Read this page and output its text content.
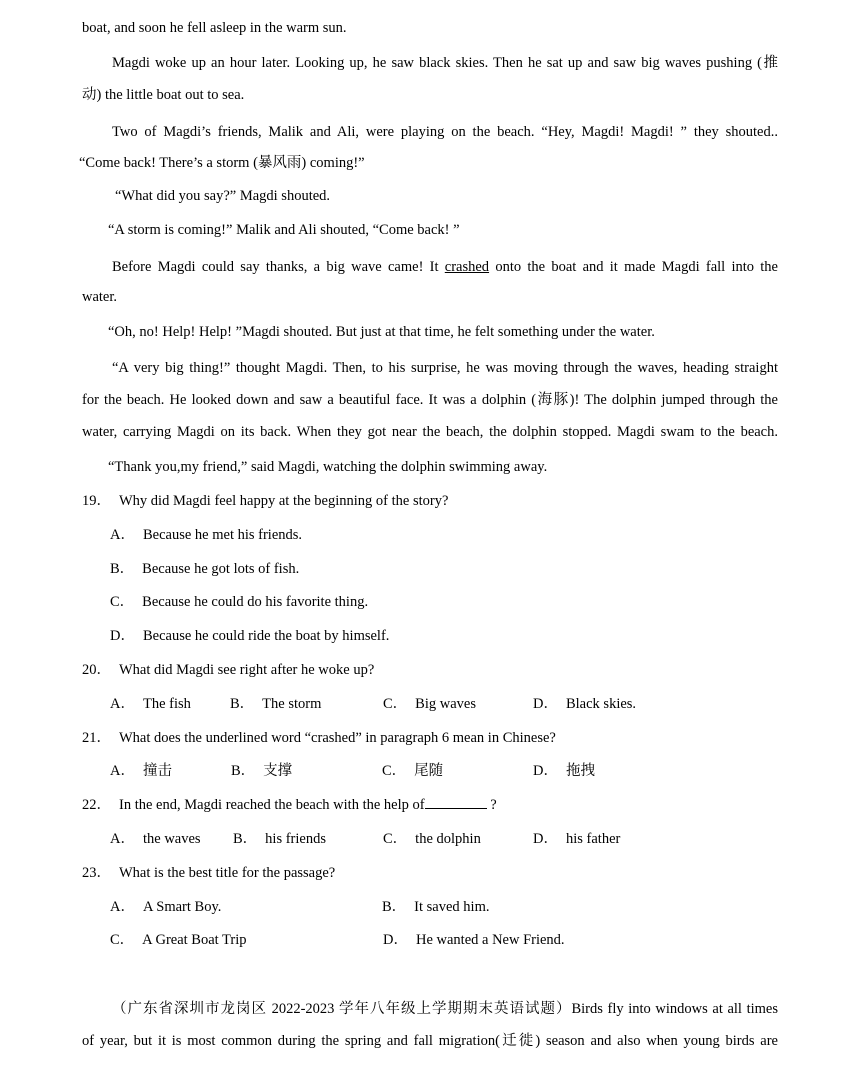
boat, and soon he fell asleep in the warm sun.
Magdi woke up an hour later. Looking up, he saw black skies. Then he sat up and saw big waves pushing (推
动) the little boat out to sea.
Two of Magdi’s friends, Malik and Ali, were playing on the beach. “Hey, Magdi! Magdi! ” they shouted..
“Come back! There’s a storm (暴风雨) coming!”
“What did you say?” Magdi shouted.
“A storm is coming!” Malik and Ali shouted, “Come back! ”
Before Magdi could say thanks, a big wave came! It crashed onto the boat and it made Magdi fall into the
water.
“Oh, no! Help! Help! ”Magdi shouted. But just at that time, he felt something under the water.
“A very big thing!” thought Magdi. Then, to his surprise, he was moving through the waves, heading straight
for the beach. He looked down and saw a beautiful face. It was a dolphin (海豚)! The dolphin jumped through the
water, carrying Magdi on its back. When they got near the beach, the dolphin stopped. Magdi swam to the beach.
“Thank you,my friend,” said Magdi, watching the dolphin swimming away.
19． Why did Magdi feel happy at the beginning of the story?
A． Because he met his friends.
B． Because he got lots of fish.
C． Because he could do his favorite thing.
D． Because he could ride the boat by himself.
20． What did Magdi see right after he woke up?
A． The fish	B． The storm	C． Big waves	D． Black skies.
21． What does the underlined word “crashed” in paragraph 6 mean in Chinese?
A． 撞击	B． 支撑	C． 尾随	D． 拖拽
22． In the end, Magdi reached the beach with the help of	?
A． the waves B． his friends	C． the dolphin	D． his father
23． What is the best title for the passage?
A． A Smart Boy.	B． It saved him.
C． A Great Boat Trip	D． He wanted a New Friend.
（广东省深圳市龙岗区 2022-2023 学年八年级上学期期末英语试题）Birds fly into windows at all times
of year, but it is most common during the spring and fall migration(迁徙) season and also when young birds are
